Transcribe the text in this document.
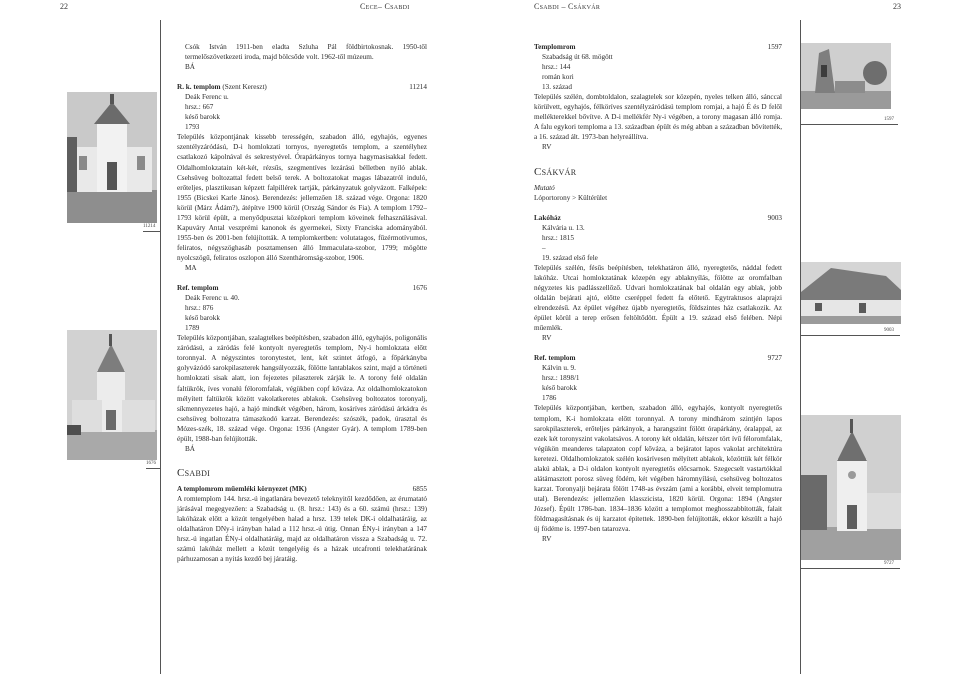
22	Cece– Csabdi	Csabdi – Csákvár	23
11214
1676
1597
9003
9727

Csók István 1911-ben eladta Szluha Pál földbirtokosnak. 1950-től termelőszövetkezeti iroda, majd bölcsőde volt. 1962-től múzeum.

BÁ

R. k. templom (Szent Kereszt)	11214

Deák Ferenc u.

hrsz.: 667

késő barokk

1793

Település központjának kissebb terességén, szabadon álló, egyhajós, egyenes szentélyzáródású, D-i homlokzati tornyos, nyeregtetős templom, a szentélyhez csatlakozó kápolnával és sekrestyével. Órapárkányos tornya hagymasisakkal fedett. Oldalhomlokzatain két-két, rézsűs, szegmentíves lezárású bélletben nyíló ablak. Csehsüveg boltozattal fedett belső terek. A boltozatokat magas lábazatról induló, erőteljes, plasztikusan képzett falpillérek tartják, párkányzatuk golyvázott. Falképek: 1955 (Bicskei Karle János). Berendezés: jellemzően 18. század vége. Orgona: 1820 körül (Márz Ádám?), átépítve 1900 körül (Ország Sándor és Fia). A templom 1792–1793 körül épült, a menyődpusztai középkori templom köveinek felhasználásával. Kapuváry Antal veszprémi kanonok és gyermekei, Sixty Franciska adományából. 1955-ben és 2001-ben felújították. A templomkertben: volutatagos, fűzérmotívumos, feliratos, négyszöghasáb posztamensen álló Immaculata-szobor, 1799; mögötte nyolcszögű, feliratos oszlopon álló Szentháromság-szobor, 1906.

MA

Ref. templom	1676

Deák Ferenc u. 40.

hrsz.: 876

késő barokk

1789

Település központjában, szalagtelkes beépítésben, szabadon álló, egyhajós, poligonális záródású, a záródás felé kontyolt nyeregtetős templom, Ny-i homlokzata előtt toronnyal. A négyszintes toronytestet, lent, két szintet átfogó, a főpárkányba golyvázódó sarokpilaszterek hangsúlyozzák, fölötte lantablakos szint, majd a történeti homlokzati sisak alatt, ion fejezetes pilaszterek zárják le. A torony felé oldalán faltükrök, íves vonalú féloromfalak, végükben copf kőváza. Az oldalhomlokzatokon mélyített faltükrök között vakolatkeretes ablakok. Csehsüveg boltozatos toronyalj, síkmennyezetes hajó, a hajó mindkét végében, három, kosáríves záródású árkádra és csehsüveg boltozatra támaszkodó karzat. Berendezés: szószék, padok, úrasztal és Mózes-szék, 18. század vége. Orgona: 1936 (Angster Gyár). A templom 1789-ben épült, 1988-ban felújították.

BÁ

Csabdi
A templomrom műemléki környezet (MK)	6855

A romtemplom 144. hrsz.-ú ingatlanára bevezető teleknyitől kezdődően, az érumatató járásával megegyezően: a Szabadság u. (8. hrsz.: 143) és a 60. számú (hrsz.: 139) lakóházak előtt a közút tengelyében halad a hrsz. 139 telek DK-i oldalhatáráig, az oldalhatáron DNy-i irányban halad a 112 hrsz.-ú útig. Onnan ÉNy-i irányban a 147 hrsz.-ú ingatlan ÉNy-i oldalhatáráig, majd az oldalhatáron vissza a Szabadság u. 72. számú lakóház mellett a közút tengelyéig és a házak utcafronti telekhatárának párhuzamosan a nyitás kezdő bej járatáig.

Templomrom	1597

Szabadság út 68. mögött

hrsz.: 144

román kori

13. század

Település szélén, dombtoldalon, szalagtelek sor közepén, nyeles telken álló, sánccal körülvett, egyhajós, félköríves szentélyzáródású templom romjai, a hajó É és D felől mellékterekkel bővítve. A D-i mellékfér Ny-i végében, a torony magasan álló romja. A falu egykori temploma a 13. században épült és még abban a században bővítették, a 16. század ált. 1973-ban helyreállítva.

RV

Csákvár

Mutató

Lóportorony > Kültérület

Lakóház	9003

Kálvária u. 13.

hrsz.: 1815

–

19. század első fele

Település szélén, fésűs beépítésben, telekhatáron álló, nyeregtetős, náddal fedett lakóház. Utcai homlokzatának közepén egy ablaknyílás, fölötte az oromfalban négyzetes kis padlásszellőző. Udvari homlokzatának bal oldalán egy ablak, jobb oldalán bejárati ajtó, előtte cseréppel fedett fa előtető. Egytraktusos alaprajzi elrendezésű. Az épület végéhez újabb nyeregtetős, földszintes ház csatlakozik. Az épület körül a terep erősen feltöltődött. Épült a 19. század első felében. Népi műemlék.

RV

Ref. templom	9727

Kálvin u. 9.

hrsz.: 1898/1

késő barokk

1786

Település központjában, kertben, szabadon álló, egyhajós, kontyolt nyeregtetős templom, K-i homlokzata előtt toronnyal. A torony mindhárom szintjén lapos sarokpilaszterek, erőteljes párkányok, a harangszint fölött órapárkány, óralappal, az ezek két toronyszint vakolatsávos. A torony két oldalán, kétszer tört ívű féloromfalak, végükön meanderes talapzaton copf kőváza, a bejáratot lapos vakolat architektúra keretezi. Oldalhomlokzatok szélén kosárívesen mélyített ablakok, közöttük két félkör alakú ablak, a D-i oldalon kontyolt nyeregtetős előcsarnok. Szegecselt vastartókkal alátámasztott porosz süveg födém, két végében háromnyílású, csehsüveg boltozatos karzat. Toronyalji bejárata fölött 1748-as évszám (ami a korábbi, elveit templomutra utal). Berendezés: jellemzően klasszicista, 1820 körül. Orgona: 1894 (Angster József). Épült 1786-ban. 1834–1836 között a templomot meghosszabbították, falait földmagasításnak és új karzatot építettek. 1890-ben felújították, ekkor készült a hajó új födéme is. 1997-ben tatarozva.

RV
